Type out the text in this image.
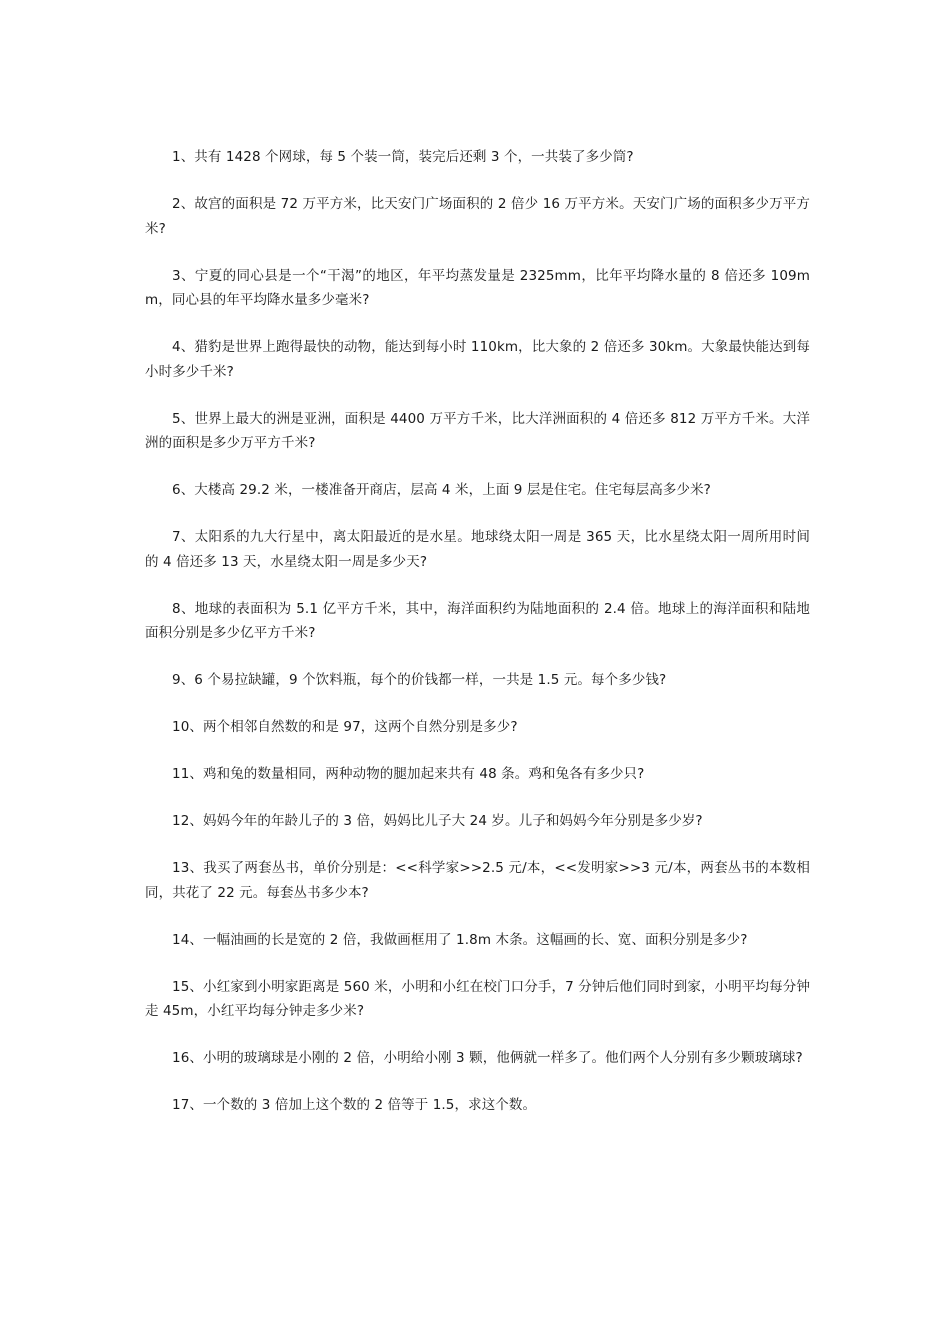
1、共有 1428 个网球，每 5 个装一筒，装完后还剩 3 个，一共装了多少筒?

2、故宫的面积是 72 万平方米，比天安门广场面积的 2 倍少 16 万平方米。天安门广场的面积多少万平方米?

3、宁夏的同心县是一个“干渴”的地区，年平均蒸发量是 2325mm，比年平均降水量的 8 倍还多 109mm，同心县的年平均降水量多少毫米?

4、猎豹是世界上跑得最快的动物，能达到每小时 110km，比大象的 2 倍还多 30km。大象最快能达到每小时多少千米?

5、世界上最大的洲是亚洲，面积是 4400 万平方千米，比大洋洲面积的 4 倍还多 812 万平方千米。大洋洲的面积是多少万平方千米?

6、大楼高 29.2 米，一楼准备开商店，层高 4 米，上面 9 层是住宅。住宅每层高多少米?

7、太阳系的九大行星中，离太阳最近的是水星。地球绕太阳一周是 365 天，比水星绕太阳一周所用时间的 4 倍还多 13 天，水星绕太阳一周是多少天?

8、地球的表面积为 5.1 亿平方千米，其中，海洋面积约为陆地面积的 2.4 倍。地球上的海洋面积和陆地面积分别是多少亿平方千米?

9、6 个易拉缺罐，9 个饮料瓶，每个的价钱都一样，一共是 1.5 元。每个多少钱?

10、两个相邻自然数的和是 97，这两个自然分别是多少?

11、鸡和兔的数量相同，两种动物的腿加起来共有 48 条。鸡和兔各有多少只?

12、妈妈今年的年龄儿子的 3 倍，妈妈比儿子大 24 岁。儿子和妈妈今年分别是多少岁?

13、我买了两套丛书，单价分别是：<<科学家>>2.5 元/本，<<发明家>>3 元/本，两套丛书的本数相同，共花了 22 元。每套丛书多少本?

14、一幅油画的长是宽的 2 倍，我做画框用了 1.8m 木条。这幅画的长、宽、面积分别是多少?

15、小红家到小明家距离是 560 米，小明和小红在校门口分手，7 分钟后他们同时到家，小明平均每分钟走 45m，小红平均每分钟走多少米?

16、小明的玻璃球是小刚的 2 倍，小明给小刚 3 颗，他俩就一样多了。他们两个人分别有多少颗玻璃球?

17、一个数的 3 倍加上这个数的 2 倍等于 1.5，求这个数。
